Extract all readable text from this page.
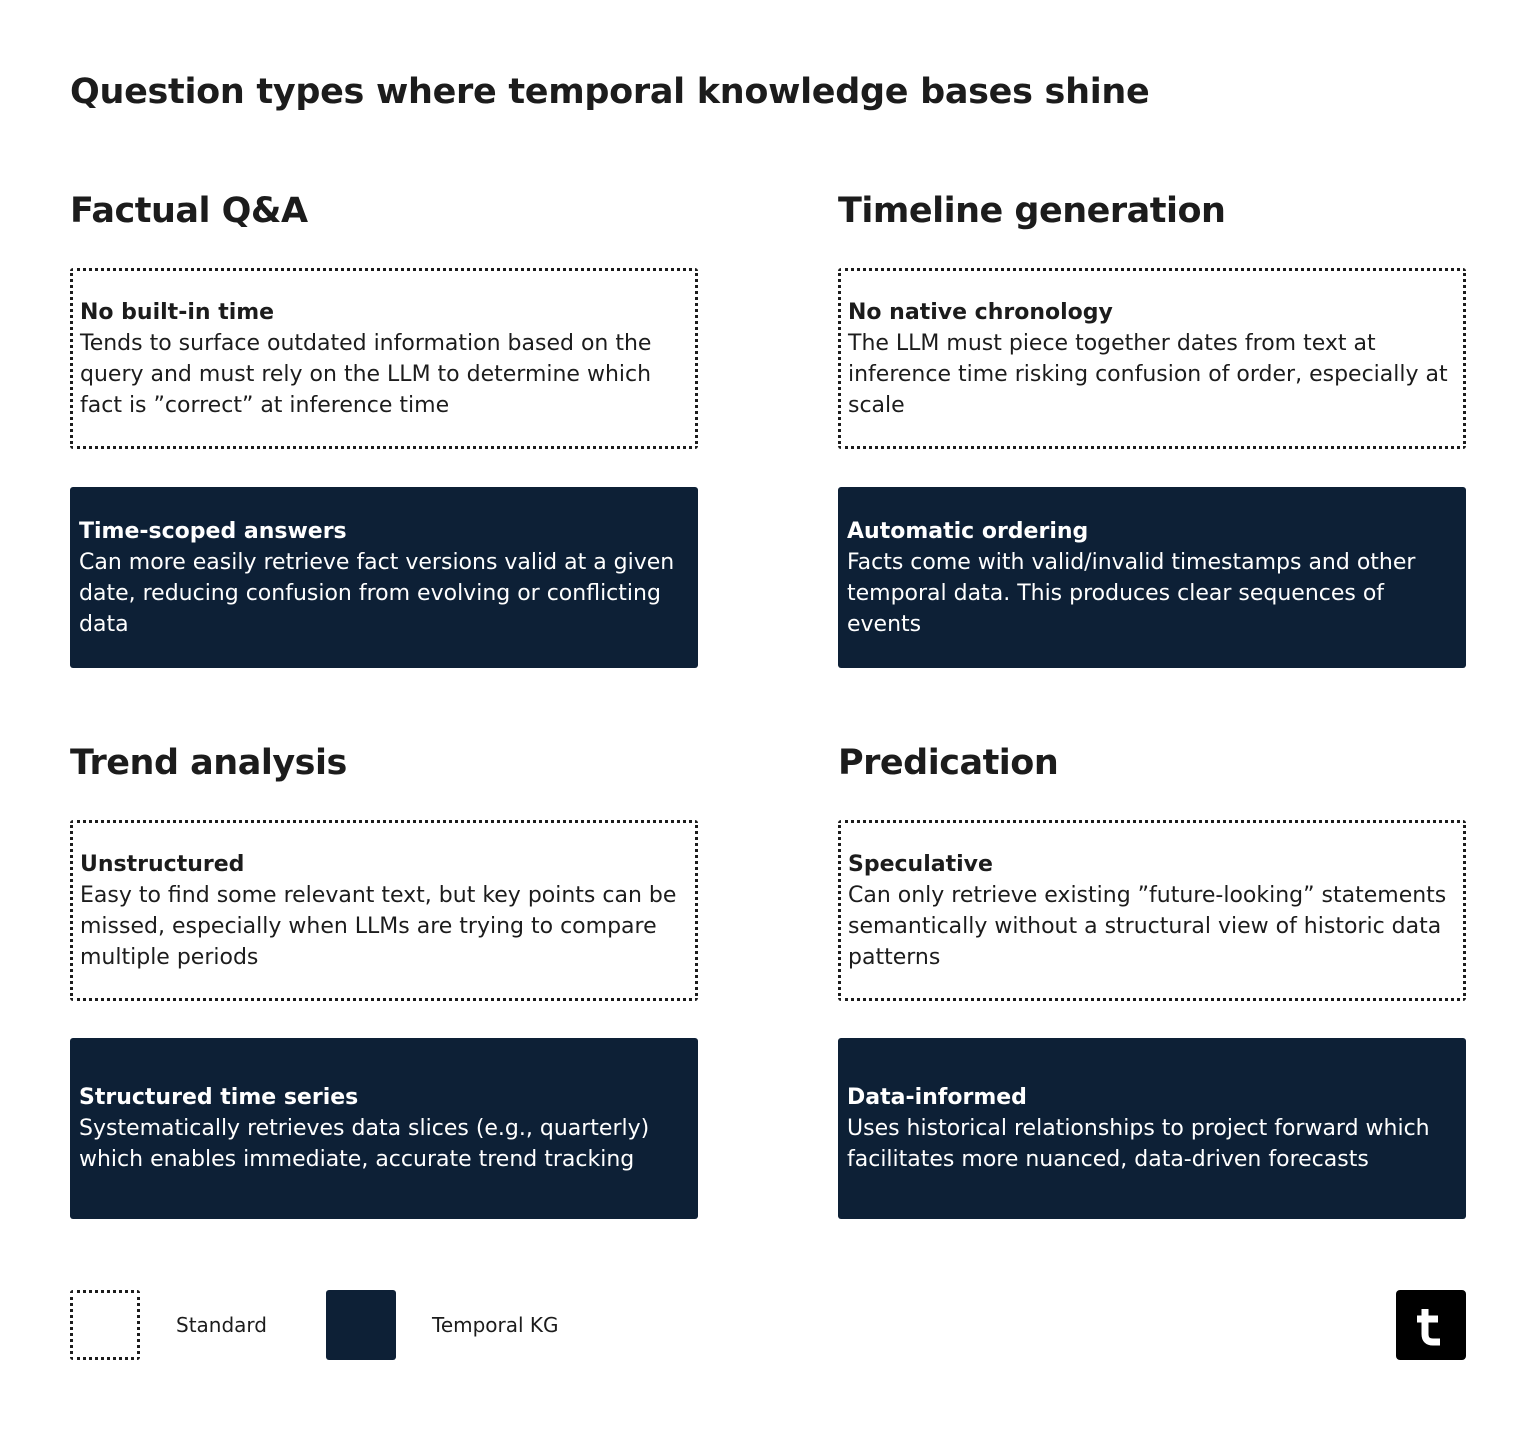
Question types where temporal knowledge bases shine
Factual Q&A
No built-in time
Tends to surface outdated information based on the query and must rely on the LLM to determine which fact is ”correct” at inference time
Time-scoped answers
Can more easily retrieve fact versions valid at a given date, reducing confusion from evolving or conflicting data
Timeline generation
No native chronology
The LLM must piece together dates from text at inference time risking confusion of order, especially at scale
Automatic ordering
Facts come with valid/invalid timestamps and other temporal data. This produces clear sequences of events
Trend analysis
Unstructured
Easy to find some relevant text, but key points can be missed, especially when LLMs are trying to compare multiple periods
Structured time series
Systematically retrieves data slices (e.g., quarterly) which enables immediate, accurate trend tracking
Predication
Speculative
Can only retrieve existing ”future-looking” statements semantically without a structural view of historic data patterns
Data-informed
Uses historical relationships to project forward which facilitates more nuanced, data-driven forecasts
Standard	Temporal KG
